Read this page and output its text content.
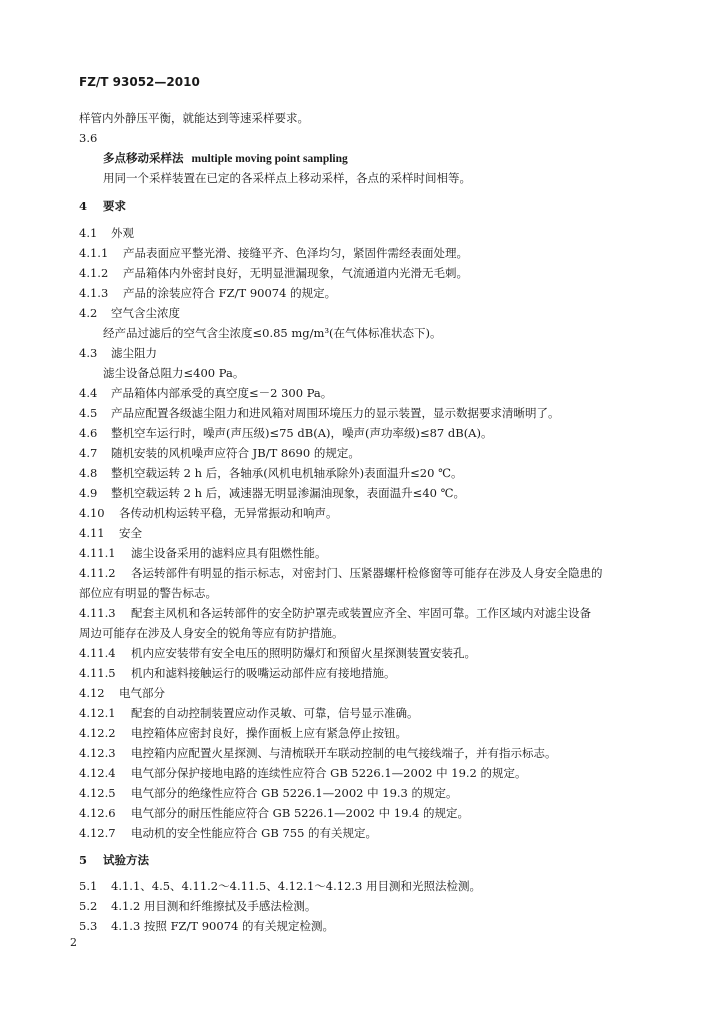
FZ/T 93052—2010
样管内外静压平衡，就能达到等速采样要求。
3.6
多点移动采样法 multiple moving point sampling
用同一个采样装置在已定的各采样点上移动采样，各点的采样时间相等。
4 要求
4.1 外观
4.1.1 产品表面应平整光滑、接缝平齐、色泽均匀，紧固件需经表面处理。
4.1.2 产品箱体内外密封良好，无明显泄漏现象，气流通道内光滑无毛刺。
4.1.3 产品的涂装应符合 FZ/T 90074 的规定。
4.2 空气含尘浓度
经产品过滤后的空气含尘浓度≤0.85 mg/m³(在气体标准状态下)。
4.3 滤尘阻力
滤尘设备总阻力≤400 Pa。
4.4 产品箱体内部承受的真空度≤－2 300 Pa。
4.5 产品应配置各级滤尘阻力和进风箱对周围环境压力的显示装置，显示数据要求清晰明了。
4.6 整机空车运行时，噪声(声压级)≤75 dB(A)，噪声(声功率级)≤87 dB(A)。
4.7 随机安装的风机噪声应符合 JB/T 8690 的规定。
4.8 整机空载运转 2 h 后，各轴承(风机电机轴承除外)表面温升≤20 ℃。
4.9 整机空载运转 2 h 后，减速器无明显渗漏油现象，表面温升≤40 ℃。
4.10 各传动机构运转平稳，无异常振动和响声。
4.11 安全
4.11.1 滤尘设备采用的滤料应具有阻燃性能。
4.11.2 各运转部件有明显的指示标志，对密封门、压紧器螺杆检修窗等可能存在涉及人身安全隐患的
部位应有明显的警告标志。
4.11.3 配套主风机和各运转部件的安全防护罩壳或装置应齐全、牢固可靠。工作区域内对滤尘设备
周边可能存在涉及人身安全的锐角等应有防护措施。
4.11.4 机内应安装带有安全电压的照明防爆灯和预留火星探测装置安装孔。
4.11.5 机内和滤料接触运行的吸嘴运动部件应有接地措施。
4.12 电气部分
4.12.1 配套的自动控制装置应动作灵敏、可靠，信号显示准确。
4.12.2 电控箱体应密封良好，操作面板上应有紧急停止按钮。
4.12.3 电控箱内应配置火星探测、与清梳联开车联动控制的电气接线端子，并有指示标志。
4.12.4 电气部分保护接地电路的连续性应符合 GB 5226.1—2002 中 19.2 的规定。
4.12.5 电气部分的绝缘性应符合 GB 5226.1—2002 中 19.3 的规定。
4.12.6 电气部分的耐压性能应符合 GB 5226.1—2002 中 19.4 的规定。
4.12.7 电动机的安全性能应符合 GB 755 的有关规定。
5 试验方法
5.1 4.1.1、4.5、4.11.2～4.11.5、4.12.1～4.12.3 用目测和光照法检测。
5.2 4.1.2 用目测和纤维擦拭及手感法检测。
5.3 4.1.3 按照 FZ/T 90074 的有关规定检测。
2
